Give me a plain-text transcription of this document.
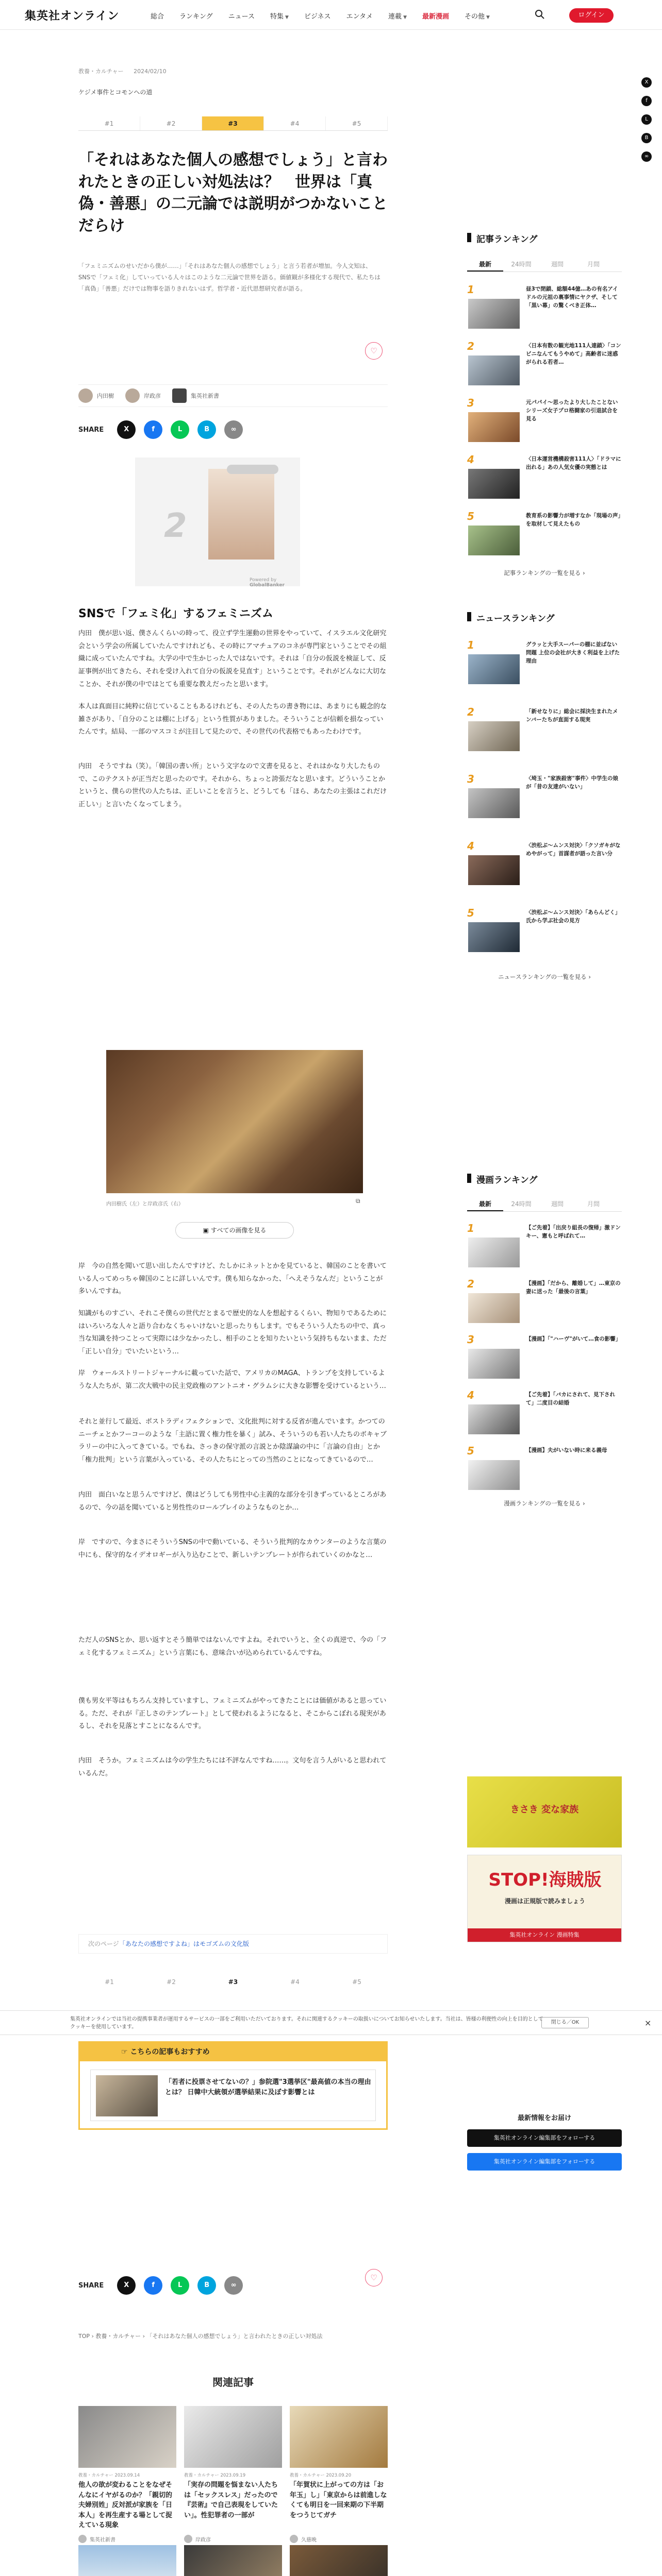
集英社オンライン	総合 ランキング ニュース 特集 ▼ ビジネス エンタメ 連載 ▼ 最新漫画 その他 ▼	ログイン
X
f
L
B
∞
教養・カルチャー 2024/02/10
ケジメ事件とコモンへの道
#1	#2	#3	#4	#5
「それはあなた個人の感想でしょう」と言われたときの正しい対処法は？　世界は「真偽・善悪」の二元論では説明がつかないことだらけ

「フェミニズムのせいだから僕が……」「それはあなた個人の感想でしょう」と言う若者が増加。今人文知は、SNSで「フェミ化」していっている人々はこのような二元論で世界を語る。価値観が多様化する現代で、私たちは「真偽」「善悪」だけでは物事を語りきれないはず。哲学者・近代思想研究者が語る。

♡
内田樹	岸政彦	集英社新書
SHARE	X	f	L	B	∞
2
Powered by GlobalBanker
SNSで「フェミ化」するフェミニズム

内田　僕が思い返、僕さんくらいの時って、役立ず学生運動の世界をやっていて、イスラエル文化研究会という学会の所属していたんですけれども、その時にアマチュアのコネが専門家ということでその組織に成っていたんですね。大学の中で生かじった人ではないです。それは「自分の仮説を検証して、反証事例が出てきたら、それを受け入れて自分の仮説を見直す」ということです。それがどんなに大切なことか、それが僕の中ではとても重要な教えだったと思います。

本人は真面目に純粋に信じていることもあるけれども、その人たちの書き物には、あまりにも観念的な雑さがあり、「自分のことは棚に上げる」という性質がありました。そういうことが信頼を損なっていたんです。結局、一部のマスコミが注目して見たので、その世代の代表格でもあったわけです。

内田　そうですね（笑）。「韓国の書い所」という文字なので文書を見ると、それはかなり大したもので、このテクストが正当だと思ったのです。それから、ちょっと誇張だなと思います。どういうことかというと、僕らの世代の人たちは、正しいことを言うと、どうしても「ほら、あなたの主張はこれだけ正しい」と言いたくなってしまう。

内田樹氏（左）と岸政彦氏（右）	⧉
▣ すべての画像を見る

岸　今の自然を聞いて思い出したんですけど、たしかにネットとかを見ていると、韓国のことを書いている人ってめっちゃ韓国のことに詳しいんです。僕も知らなかった、「へえそうなんだ」ということが多いんですね。

知識がものすごい、それこそ僕らの世代だとまるで歴史的な人を想起するくらい、物知りであるためにはいろいろな人々と語り合わなくちゃいけないと思ったりもします。でもそういう人たちの中で、真っ当な知識を持つことって実際には少なかったし、相手のことを知りたいという気持ちもないまま、ただ「正しい自分」でいたいという…

岸　ウォールストリートジャーナルに載っていた話で、アメリカのMAGA、トランプを支持しているような人たちが、第二次大戦中の民主党政権のアントニオ・グラムシに大きな影響を受けているという…

それと並行して最近、ポストラディフェクションで、文化批判に対する反省が進んでいます。かつてのニーチェとかフーコーのような「主語に置く権力性を暴く」試み、そういうのも若い人たちのボキャブラリーの中に入ってきている。でもね、さっきの保守派の言説とか陰謀論の中に「言論の自由」とか「権力批判」という言葉が入っている、その人たちにとっての当然のことになってきているので…

内田　面白いなと思うんですけど、僕はどうしても男性中心主義的な部分を引きずっているところがあるので、今の話を聞いていると男性性のロールプレイのようなものとか…

岸　ですので、今まさにそういうSNSの中で動いている、そういう批判的なカウンターのような言葉の中にも、保守的なイデオロギーが入り込むことで、新しいテンプレートが作られていくのかなと…

ただ人のSNSとか、思い返すとそう簡単ではないんですよね。それでいうと、全くの真逆で、今の「フェミ化するフェミニズム」という言葉にも、意味合いが込められているんですね。

僕も男女平等はもちろん支持していますし、フェミニズムがやってきたことには価値があると思っている。ただ、それが『正しさのテンプレート』として使われるようになると、そこからこぼれる現実があるし、それを見落とすことになるんです。

内田　そうか。フェミニズムは今の学生たちには不評なんですね……。文句を言う人がいると思われているんだ。

次のページ 「あなたの感想ですよね」はモゴズムの文化版
#1	#2	#3	#4	#5
集英社オンラインでは当社の提携事業者が運用するサービスの一部をご利用いただいております。それに関連するクッキーの取扱いについてお知らせいたします。当社は、皆様の利便性の向上を目的としてクッキーを使用しています。
閉じる／OK	×
☞ こちらの記事もおすすめ
「若者に投票させてないの？」参院選"3選挙区"最高値の本当の理由とは？ 日韓中大統領が選挙結果に及ぼす影響とは
最新情報をお届け
集英社オンライン編集部をフォローする
集英社オンライン編集部をフォローする
SHARE	X	f	L	B	∞
♡
TOP › 教養・カルチャー › 「それはあなた個人の感想でしょう」と言われたときの正しい対処法
関連記事
教養・カルチャー 2023.09.14
他人の欲が変わることをなぜそんなにイヤがるのか？「親切的夫婦別姓」反対派が家族を「日本人」を再生産する場として捉えている現象
集英社新書
教養・カルチャー 2023.09.19
「実存の問題を悩まない人たちは「セックスレス」だったので『芸術』で自己表現をしていたい」。性犯罪者の一部が
岸政彦
教養・カルチャー 2023.09.20
「年賀状に上がっての方は「お年玉」し」「東京からは前進しなくても明日を一回来期の下半期をつうじてガチ
久慈晩
記事ランキング
最新	24時間	週間	月間
1	昼3で閉鎖、総額44億…あの有名アイドルの元祖の裏事情にヤクザ、そして「黒い幕」の驚くべき正体…
2	〈日本有数の観光地111人連鎖〉「コンビニなんてもうやめて」高齢者に迷惑がられる若者…
3	元パパイ〜思ったより大したことないシリーズ女子プロ格闘家の引退試合を見る
4	〈日本運営機構殺害111人〉「ドラマに出れる」あの人気女優の実態とは
5	教育系の影響力が増すなか「現場の声」を取材して見えたもの
記事ランキングの一覧を見る ›
ニュースランキング
1	グラッと大手スーパーの棚に並ばない問題 上位の会社が大きく利益を上げた理由
2	「新せなりに」総会に採決生まれたメンバーたちが直面する現実
3	〈埼玉・"家族殺害"事件〉中学生の娘が「昔の友達がいない」
4	〈渋松ぶ〜ムンス対決〉「クソガキがなめやがって」首謀者が語った言い分
5	〈渋松ぶ〜ムンス対決〉「あらんどく」氏から学ぶ社会の見方
ニュースランキングの一覧を見る ›
漫画ランキング
最新	24時間	週間	月間
1	【ご先着】「出戻り組長の復帰」激ドンキー、憲もと呼ばれて…
2	【漫画】「だから、離婚して」…東京の妻に送った「最後の言葉」
3	【漫画】「"ハーヴ"がいて…食の影響」
4	【ご先着】「バカにされて、見下されて」二度目の結婚
5	【漫画】夫がいない時に来る義母
漫画ランキングの一覧を見る ›
きさき 変な家族
STOP!海賊版
漫画は正規版で読みましょう
集英社オンライン 漫画特集
